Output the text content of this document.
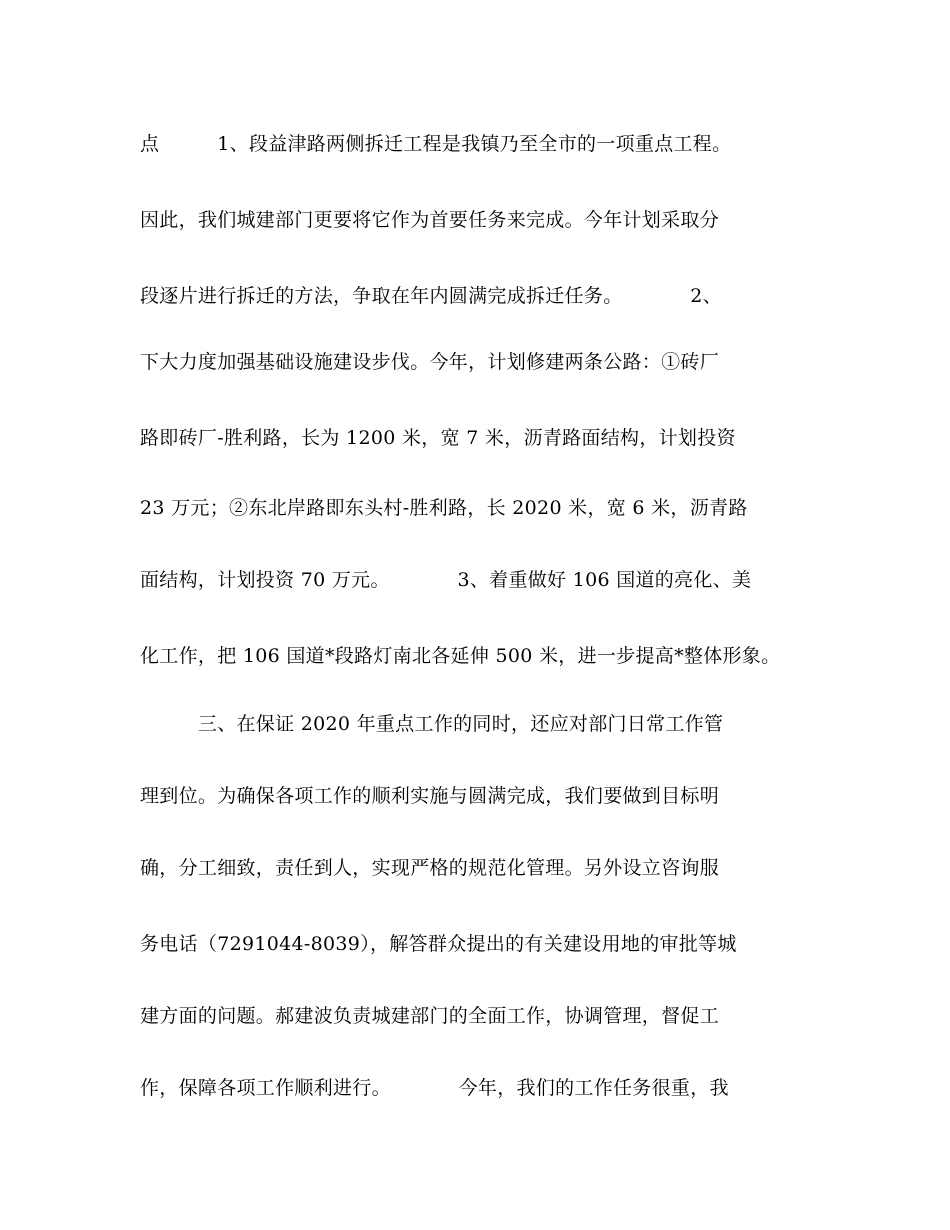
点　　　1、段益津路两侧拆迁工程是我镇乃至全市的一项重点工程。
因此，我们城建部门更要将它作为首要任务来完成。今年计划采取分
段逐片进行拆迁的方法，争取在年内圆满完成拆迁任务。　　　　2、
下大力度加强基础设施建设步伐。今年，计划修建两条公路：①砖厂
路即砖厂-胜利路，长为 1200 米，宽 7 米，沥青路面结构，计划投资
23 万元；②东北岸路即东头村-胜利路，长 2020 米，宽 6 米，沥青路
面结构，计划投资 70 万元。　　　　3、着重做好 106 国道的亮化、美
化工作，把 106 国道*段路灯南北各延伸 500 米，进一步提高*整体形象。
　　　三、在保证 2020 年重点工作的同时，还应对部门日常工作管
理到位。为确保各项工作的顺利实施与圆满完成，我们要做到目标明
确，分工细致，责任到人，实现严格的规范化管理。另外设立咨询服
务电话（7291044-8039），解答群众提出的有关建设用地的审批等城
建方面的问题。郝建波负责城建部门的全面工作，协调管理，督促工
作，保障各项工作顺利进行。　　　　今年，我们的工作任务很重，我
